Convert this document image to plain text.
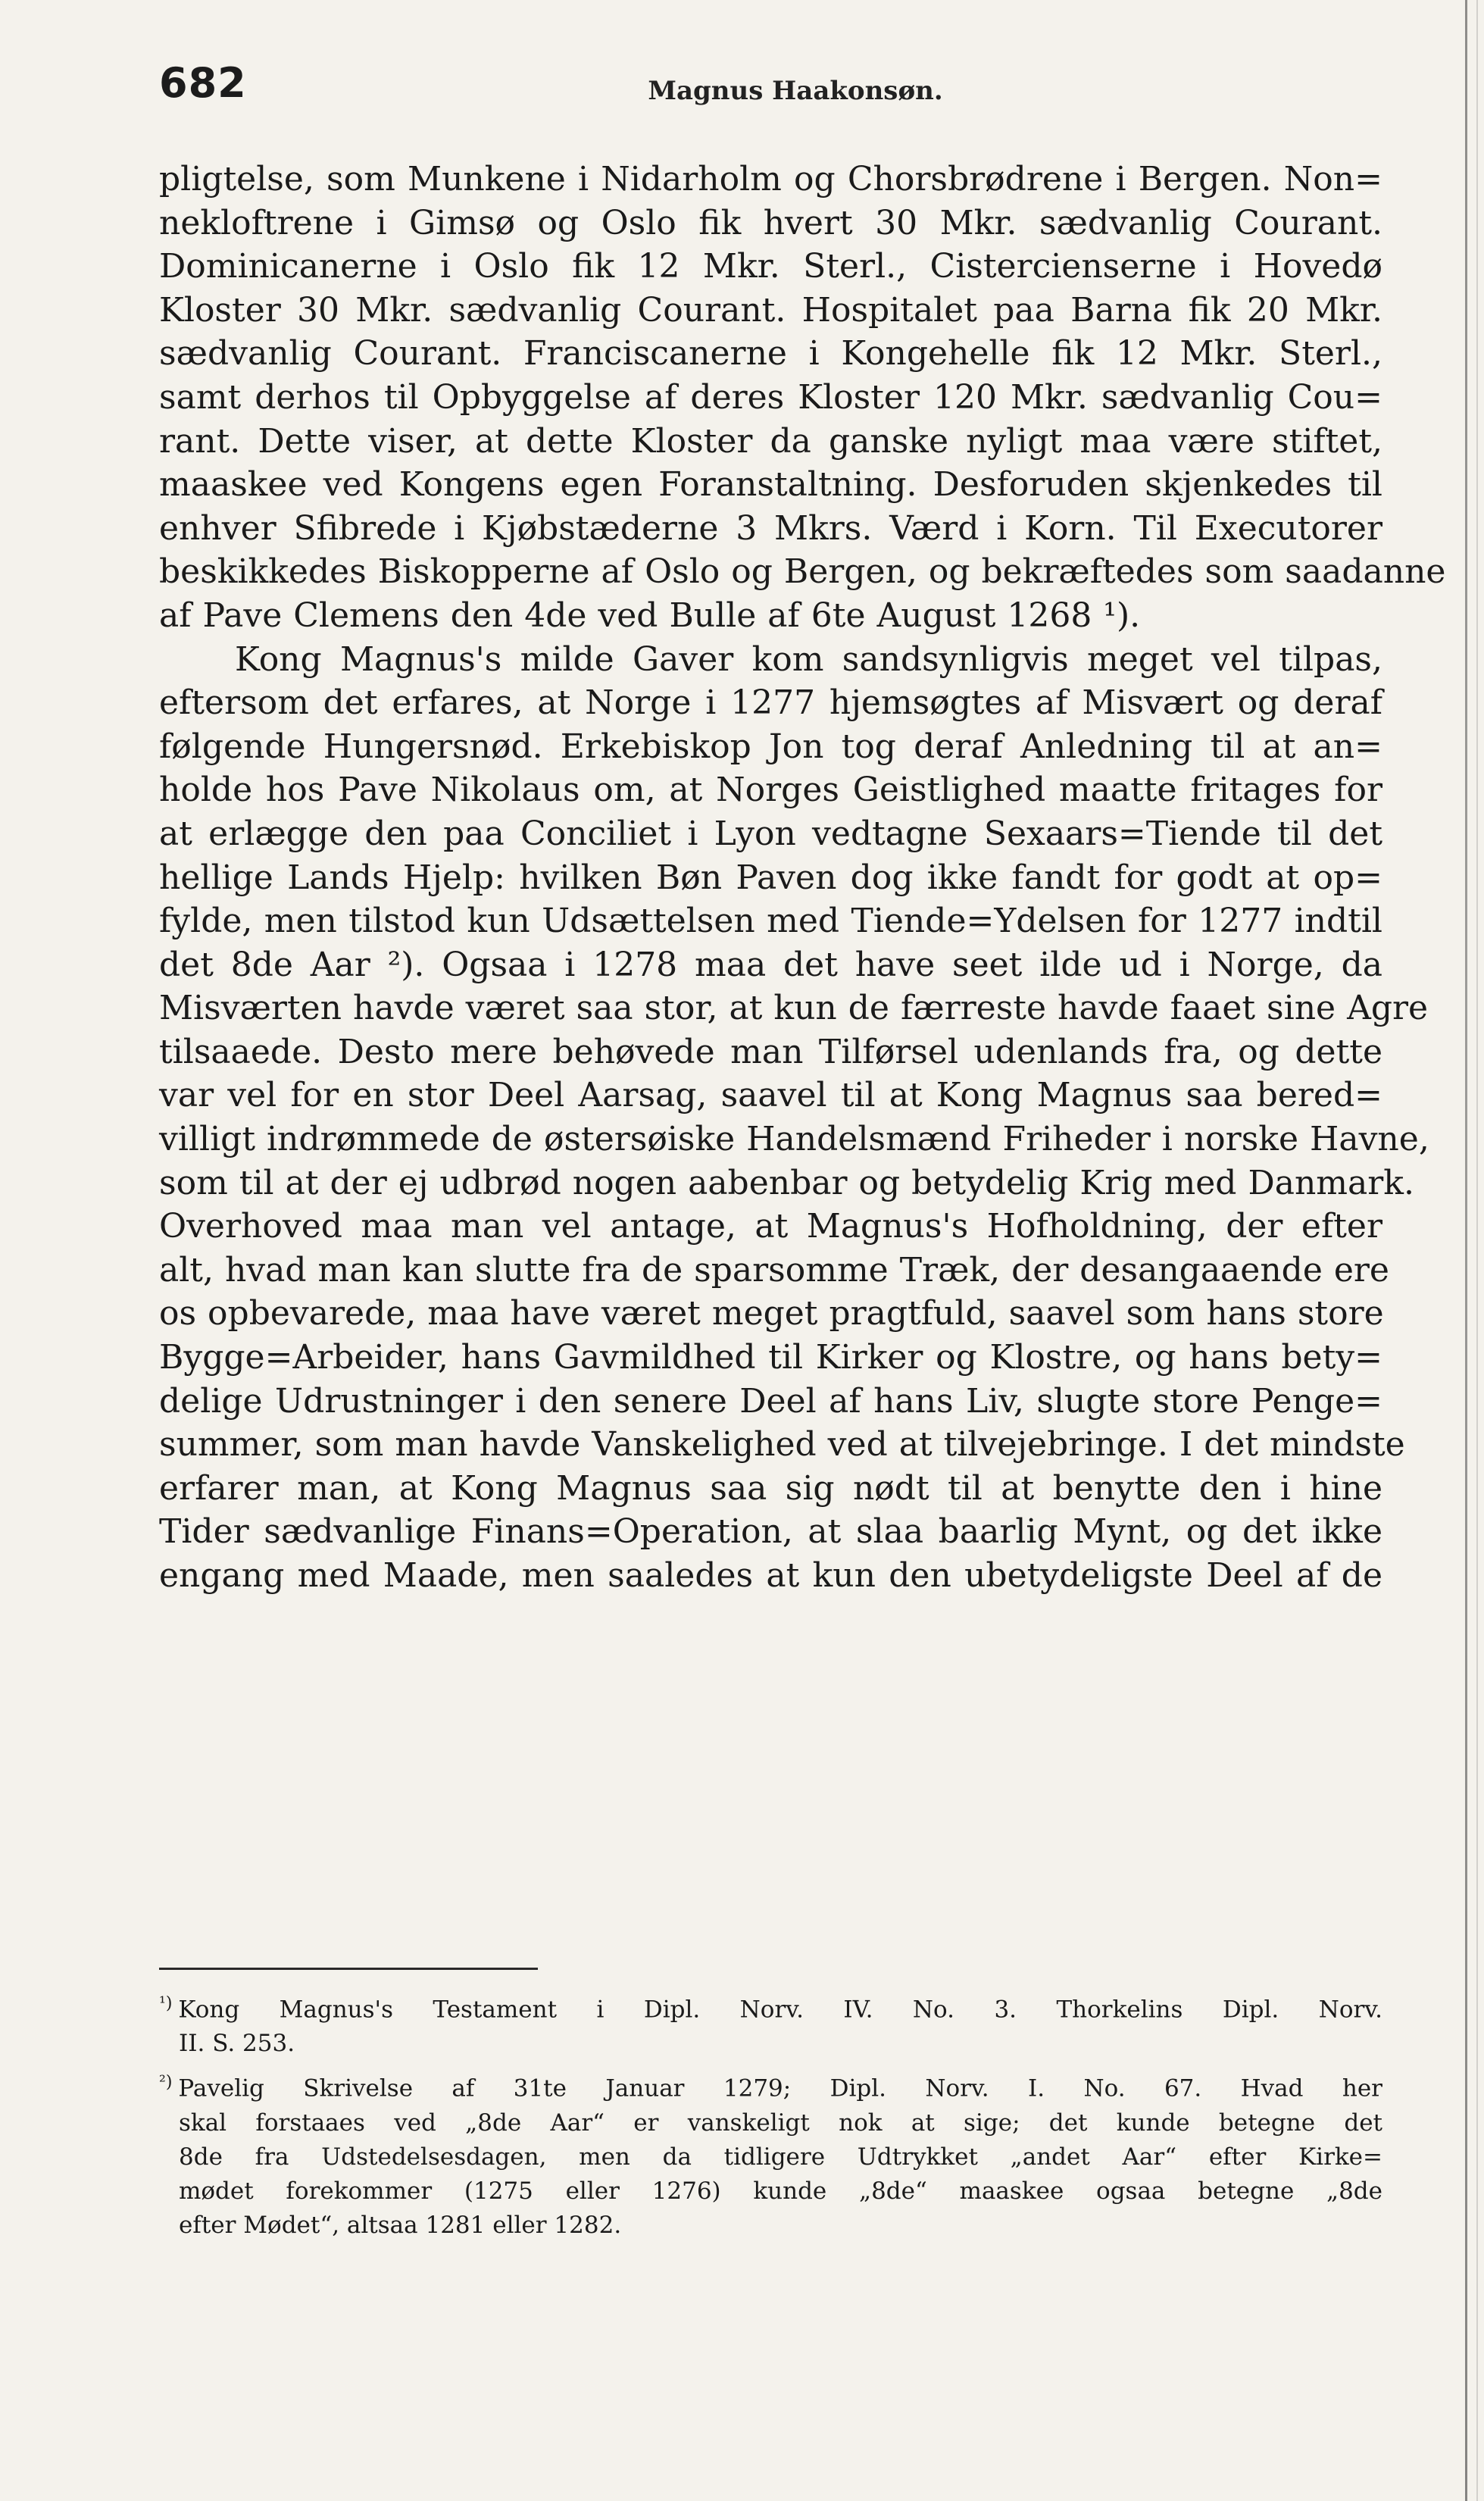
682	Magnus Haakonsøn.

pligtelse, som Munkene i Nidarholm og Chorsbrødrene i Bergen. Non=
nekloftrene i Gimsø og Oslo fik hvert 30 Mkr. sædvanlig Courant.
Dominicanerne i Oslo fik 12 Mkr. Sterl., Cistercienserne i Hovedø
Kloster 30 Mkr. sædvanlig Courant. Hospitalet paa Barna fik 20 Mkr.
sædvanlig Courant. Franciscanerne i Kongehelle fik 12 Mkr. Sterl.,
samt derhos til Opbyggelse af deres Kloster 120 Mkr. sædvanlig Cou=
rant. Dette viser, at dette Kloster da ganske nyligt maa være stiftet,
maaskee ved Kongens egen Foranstaltning. Desforuden skjenkedes til
enhver Sfibrede i Kjøbstæderne 3 Mkrs. Værd i Korn. Til Executorer
beskikkedes Biskopperne af Oslo og Bergen, og bekræftedes som saadanne
af Pave Clemens den 4de ved Bulle af 6te August 1268 ¹).

Kong Magnus's milde Gaver kom sandsynligvis meget vel tilpas,
eftersom det erfares, at Norge i 1277 hjemsøgtes af Misvært og deraf
følgende Hungersnød. Erkebiskop Jon tog deraf Anledning til at an=
holde hos Pave Nikolaus om, at Norges Geistlighed maatte fritages for
at erlægge den paa Conciliet i Lyon vedtagne Sexaars=Tiende til det
hellige Lands Hjelp: hvilken Bøn Paven dog ikke fandt for godt at op=
fylde, men tilstod kun Udsættelsen med Tiende=Ydelsen for 1277 indtil
det 8de Aar ²). Ogsaa i 1278 maa det have seet ilde ud i Norge, da
Misværten havde været saa stor, at kun de færreste havde faaet sine Agre
tilsaaede. Desto mere behøvede man Tilførsel udenlands fra, og dette
var vel for en stor Deel Aarsag, saavel til at Kong Magnus saa bered=
villigt indrømmede de østersøiske Handelsmænd Friheder i norske Havne,
som til at der ej udbrød nogen aabenbar og betydelig Krig med Danmark.
Overhoved maa man vel antage, at Magnus's Hofholdning, der efter
alt, hvad man kan slutte fra de sparsomme Træk, der desangaaende ere
os opbevarede, maa have været meget pragtfuld, saavel som hans store
Bygge=Arbeider, hans Gavmildhed til Kirker og Klostre, og hans bety=
delige Udrustninger i den senere Deel af hans Liv, slugte store Penge=
summer, som man havde Vanskelighed ved at tilvejebringe. I det mindste
erfarer man, at Kong Magnus saa sig nødt til at benytte den i hine
Tider sædvanlige Finans=Operation, at slaa baarlig Mynt, og det ikke
engang med Maade, men saaledes at kun den ubetydeligste Deel af de

$^{^1)}$ Kong Magnus's Testament i Dipl. Norv. IV. No. 3. Thorkelins Dipl. Norv.
II. S. 253.

$^{^2)}$ Pavelig Skrivelse af 31te Januar 1279; Dipl. Norv. I. No. 67. Hvad her
skal forstaaes ved „8de Aar“ er vanskeligt nok at sige; det kunde betegne det
8de fra Udstedelsesdagen, men da tidligere Udtrykket „andet Aar“ efter Kirke=
mødet forekommer (1275 eller 1276) kunde „8de“ maaskee ogsaa betegne „8de
efter Mødet“, altsaa 1281 eller 1282.
